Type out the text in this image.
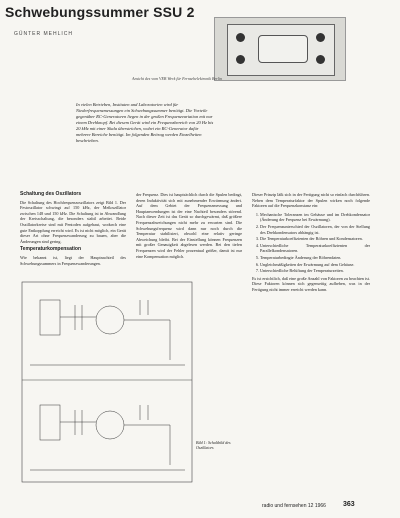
Schwebungssummer SSU 2
GÜNTER MEHLICH
Ansicht des vom VEB Werk für Fernsehelektronik Berlin
In vielen Betrieben, Instituten und Laboratorien wird für Niederfrequenzmessungen ein Schwebungssummer benötigt. Die Vorteile gegenüber RC-Generatoren liegen in der großen Frequenzvariation mit nur einem Drehknopf. Bei diesem Gerät wird ein Frequenzbereich von 20 Hz bis 20 kHz mit einer Skala überstrichen, wobei ein RC-Generator dafür mehrere Bereiche benötigt. Im folgenden Beitrag werden Einzelheiten beschrieben.
Schaltung des Oszillators

Die Schaltung des Hochfrequenzoszillators zeigt Bild 1. Der Festoszillator schwingt auf 150 kHz, der Meßoszillator zwischen 148 und 150 kHz. Die Schaltung ist in Abwandlung der Kreisschaltung, die besonders stabil arbeitet. Beide Oszillatorkreise sind mit Pentoden aufgebaut, wodurch eine gute Entkopplung erreicht wird. Es ist nicht möglich, ein Gerät dieser Art ohne Frequenzwanderung zu bauen, aber die Änderungen sind gering.

Temperaturkompensation

Wie bekannt ist, liegt der Hauptnachteil des Schwebungssummers in Frequenzwanderungen.

der Frequenz. Dies ist hauptsächlich durch die Spulen bedingt, deren Induktivität sich mit zunehmender Erwärmung ändert. Auf dem Gebiet der Frequenzmessung und Hauptanwendungen ist der eine Nachteil besonders störend. Nach dieser Zeit ist das Gerät so durchgewärmt, daß größere Frequenzabweichungen nicht mehr zu erwarten sind. Die Schwebungsfrequenz wird dann nur noch durch die Temperatur stabilisiert, obwohl eine relativ geringe Abweichung bleibt. Bei der Einstellung können Frequenzen mit großer Genauigkeit abgelesen werden. Bei den tiefen Frequenzen wird der Fehler prozentual größer, damit ist nur eine Kompensation möglich.

Dieser Prinzip läßt sich in der Fertigung nicht so einfach durchführen. Neben dem Temperaturfaktor der Spulen wirken noch folgende Faktoren auf die Frequenzkonstanz ein:

1. Mechanische Toleranzen im Gehäuse und im Drehkondensator (Änderung der Frequenz bei Erwärmung).
2. Der Frequenzunterschied der Oszillatoren, der von der Stellung des Drehkondensators abhängig ist.
3. Die Temperaturkoeffizienten der Röhren und Kondensatoren.
4. Unterschiedliche Temperaturkoeffizienten der Parallelkondensatoren.
5. Temperaturbedingte Änderung der Röhrendaten.
6. Ungleichmäßigkeiten der Erwärmung auf dem Gehäuse.
7. Unterschiedliche Belüftung der Temperaturzeiten.

Es ist ersichtlich, daß eine große Anzahl von Faktoren zu beachten ist. Diese Faktoren können sich gegenseitig aufheben, was in der Fertigung nicht immer erreicht werden kann.

Bild 1: Schaltbild des Oszillators
radio und fernsehen 12 1966 363
